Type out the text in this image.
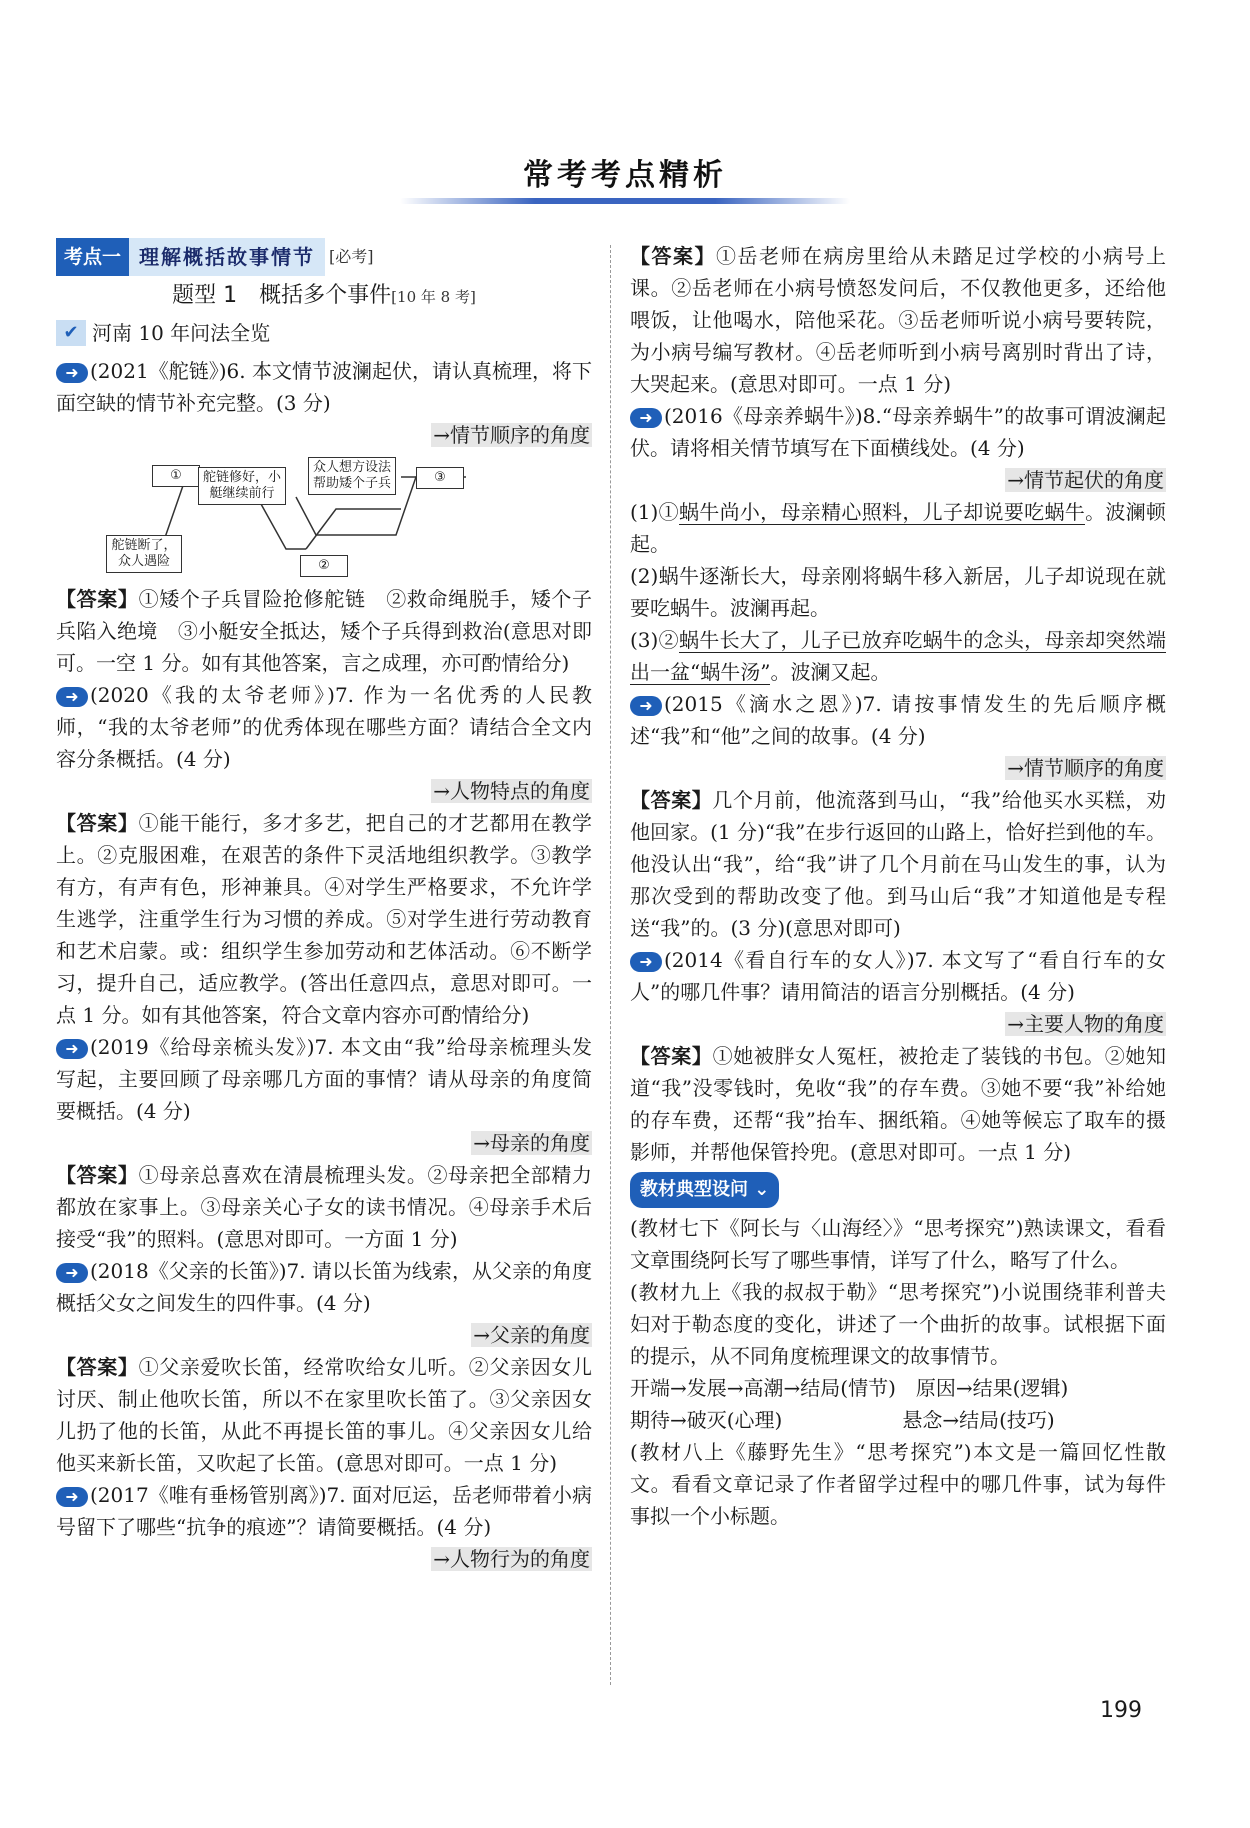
常考考点精析
考点一 理解概括故事情节 [必考]

题型 1　概括多个事件[10 年 8 考]

✔ 河南 10 年问法全览

➜ (2021《舵链》)6. 本文情节波澜起伏，请认真梳理，将下面空缺的情节补充完整。(3 分)

→情节顺序的角度

舵链断了，众人遇险
①	舵链修好，小艇继续前行
②
众人想方设法帮助矮个子兵	③

【答案】①矮个子兵冒险抢修舵链　②救命绳脱手，矮个子兵陷入绝境　③小艇安全抵达，矮个子兵得到救治(意思对即可。一空 1 分。如有其他答案，言之成理，亦可酌情给分)

➜ (2020《我的太爷老师》)7. 作为一名优秀的人民教师，“我的太爷老师”的优秀体现在哪些方面？请结合全文内容分条概括。(4 分)

→人物特点的角度

【答案】①能干能行，多才多艺，把自己的才艺都用在教学上。②克服困难，在艰苦的条件下灵活地组织教学。③教学有方，有声有色，形神兼具。④对学生严格要求，不允许学生逃学，注重学生行为习惯的养成。⑤对学生进行劳动教育和艺术启蒙。或：组织学生参加劳动和艺体活动。⑥不断学习，提升自己，适应教学。(答出任意四点，意思对即可。一点 1 分。如有其他答案，符合文章内容亦可酌情给分)

➜ (2019《给母亲梳头发》)7. 本文由“我”给母亲梳理头发写起，主要回顾了母亲哪几方面的事情？请从母亲的角度简要概括。(4 分)

→母亲的角度

【答案】①母亲总喜欢在清晨梳理头发。②母亲把全部精力都放在家事上。③母亲关心子女的读书情况。④母亲手术后接受“我”的照料。(意思对即可。一方面 1 分)

➜ (2018《父亲的长笛》)7. 请以长笛为线索，从父亲的角度概括父女之间发生的四件事。(4 分)

→父亲的角度

【答案】①父亲爱吹长笛，经常吹给女儿听。②父亲因女儿讨厌、制止他吹长笛，所以不在家里吹长笛了。③父亲因女儿扔了他的长笛，从此不再提长笛的事儿。④父亲因女儿给他买来新长笛，又吹起了长笛。(意思对即可。一点 1 分)

➜ (2017《唯有垂杨管别离》)7. 面对厄运，岳老师带着小病号留下了哪些“抗争的痕迹”？请简要概括。(4 分)

→人物行为的角度

【答案】①岳老师在病房里给从未踏足过学校的小病号上课。②岳老师在小病号愤怒发问后，不仅教他更多，还给他喂饭，让他喝水，陪他采花。③岳老师听说小病号要转院，为小病号编写教材。④岳老师听到小病号离别时背出了诗，大哭起来。(意思对即可。一点 1 分)

➜ (2016《母亲养蜗牛》)8.“母亲养蜗牛”的故事可谓波澜起伏。请将相关情节填写在下面横线处。(4 分)

→情节起伏的角度

(1)①蜗牛尚小，母亲精心照料，儿子却说要吃蜗牛。波澜顿起。

(2)蜗牛逐渐长大，母亲刚将蜗牛移入新居，儿子却说现在就要吃蜗牛。波澜再起。

(3)②蜗牛长大了，儿子已放弃吃蜗牛的念头，母亲却突然端出一盆“蜗牛汤”。波澜又起。

➜ (2015《滴水之恩》)7. 请按事情发生的先后顺序概述“我”和“他”之间的故事。(4 分)

→情节顺序的角度

【答案】几个月前，他流落到马山，“我”给他买水买糕，劝他回家。(1 分)“我”在步行返回的山路上，恰好拦到他的车。他没认出“我”，给“我”讲了几个月前在马山发生的事，认为那次受到的帮助改变了他。到马山后“我”才知道他是专程送“我”的。(3 分)(意思对即可)

➜ (2014《看自行车的女人》)7. 本文写了“看自行车的女人”的哪几件事？请用简洁的语言分别概括。(4 分)

→主要人物的角度

【答案】①她被胖女人冤枉，被抢走了装钱的书包。②她知道“我”没零钱时，免收“我”的存车费。③她不要“我”补给她的存车费，还帮“我”抬车、捆纸箱。④她等候忘了取车的摄影师，并帮他保管拎兜。(意思对即可。一点 1 分)

教材典型设问
⌄

(教材七下《阿长与〈山海经〉》“思考探究”)熟读课文，看看文章围绕阿长写了哪些事情，详写了什么，略写了什么。

(教材九上《我的叔叔于勒》“思考探究”)小说围绕菲利普夫妇对于勒态度的变化，讲述了一个曲折的故事。试根据下面的提示，从不同角度梳理课文的故事情节。

开端→发展→高潮→结局(情节)　原因→结果(逻辑)

期待→破灭(心理)　　　　　　悬念→结局(技巧)

(教材八上《藤野先生》“思考探究”)本文是一篇回忆性散文。看看文章记录了作者留学过程中的哪几件事，试为每件事拟一个小标题。

199
